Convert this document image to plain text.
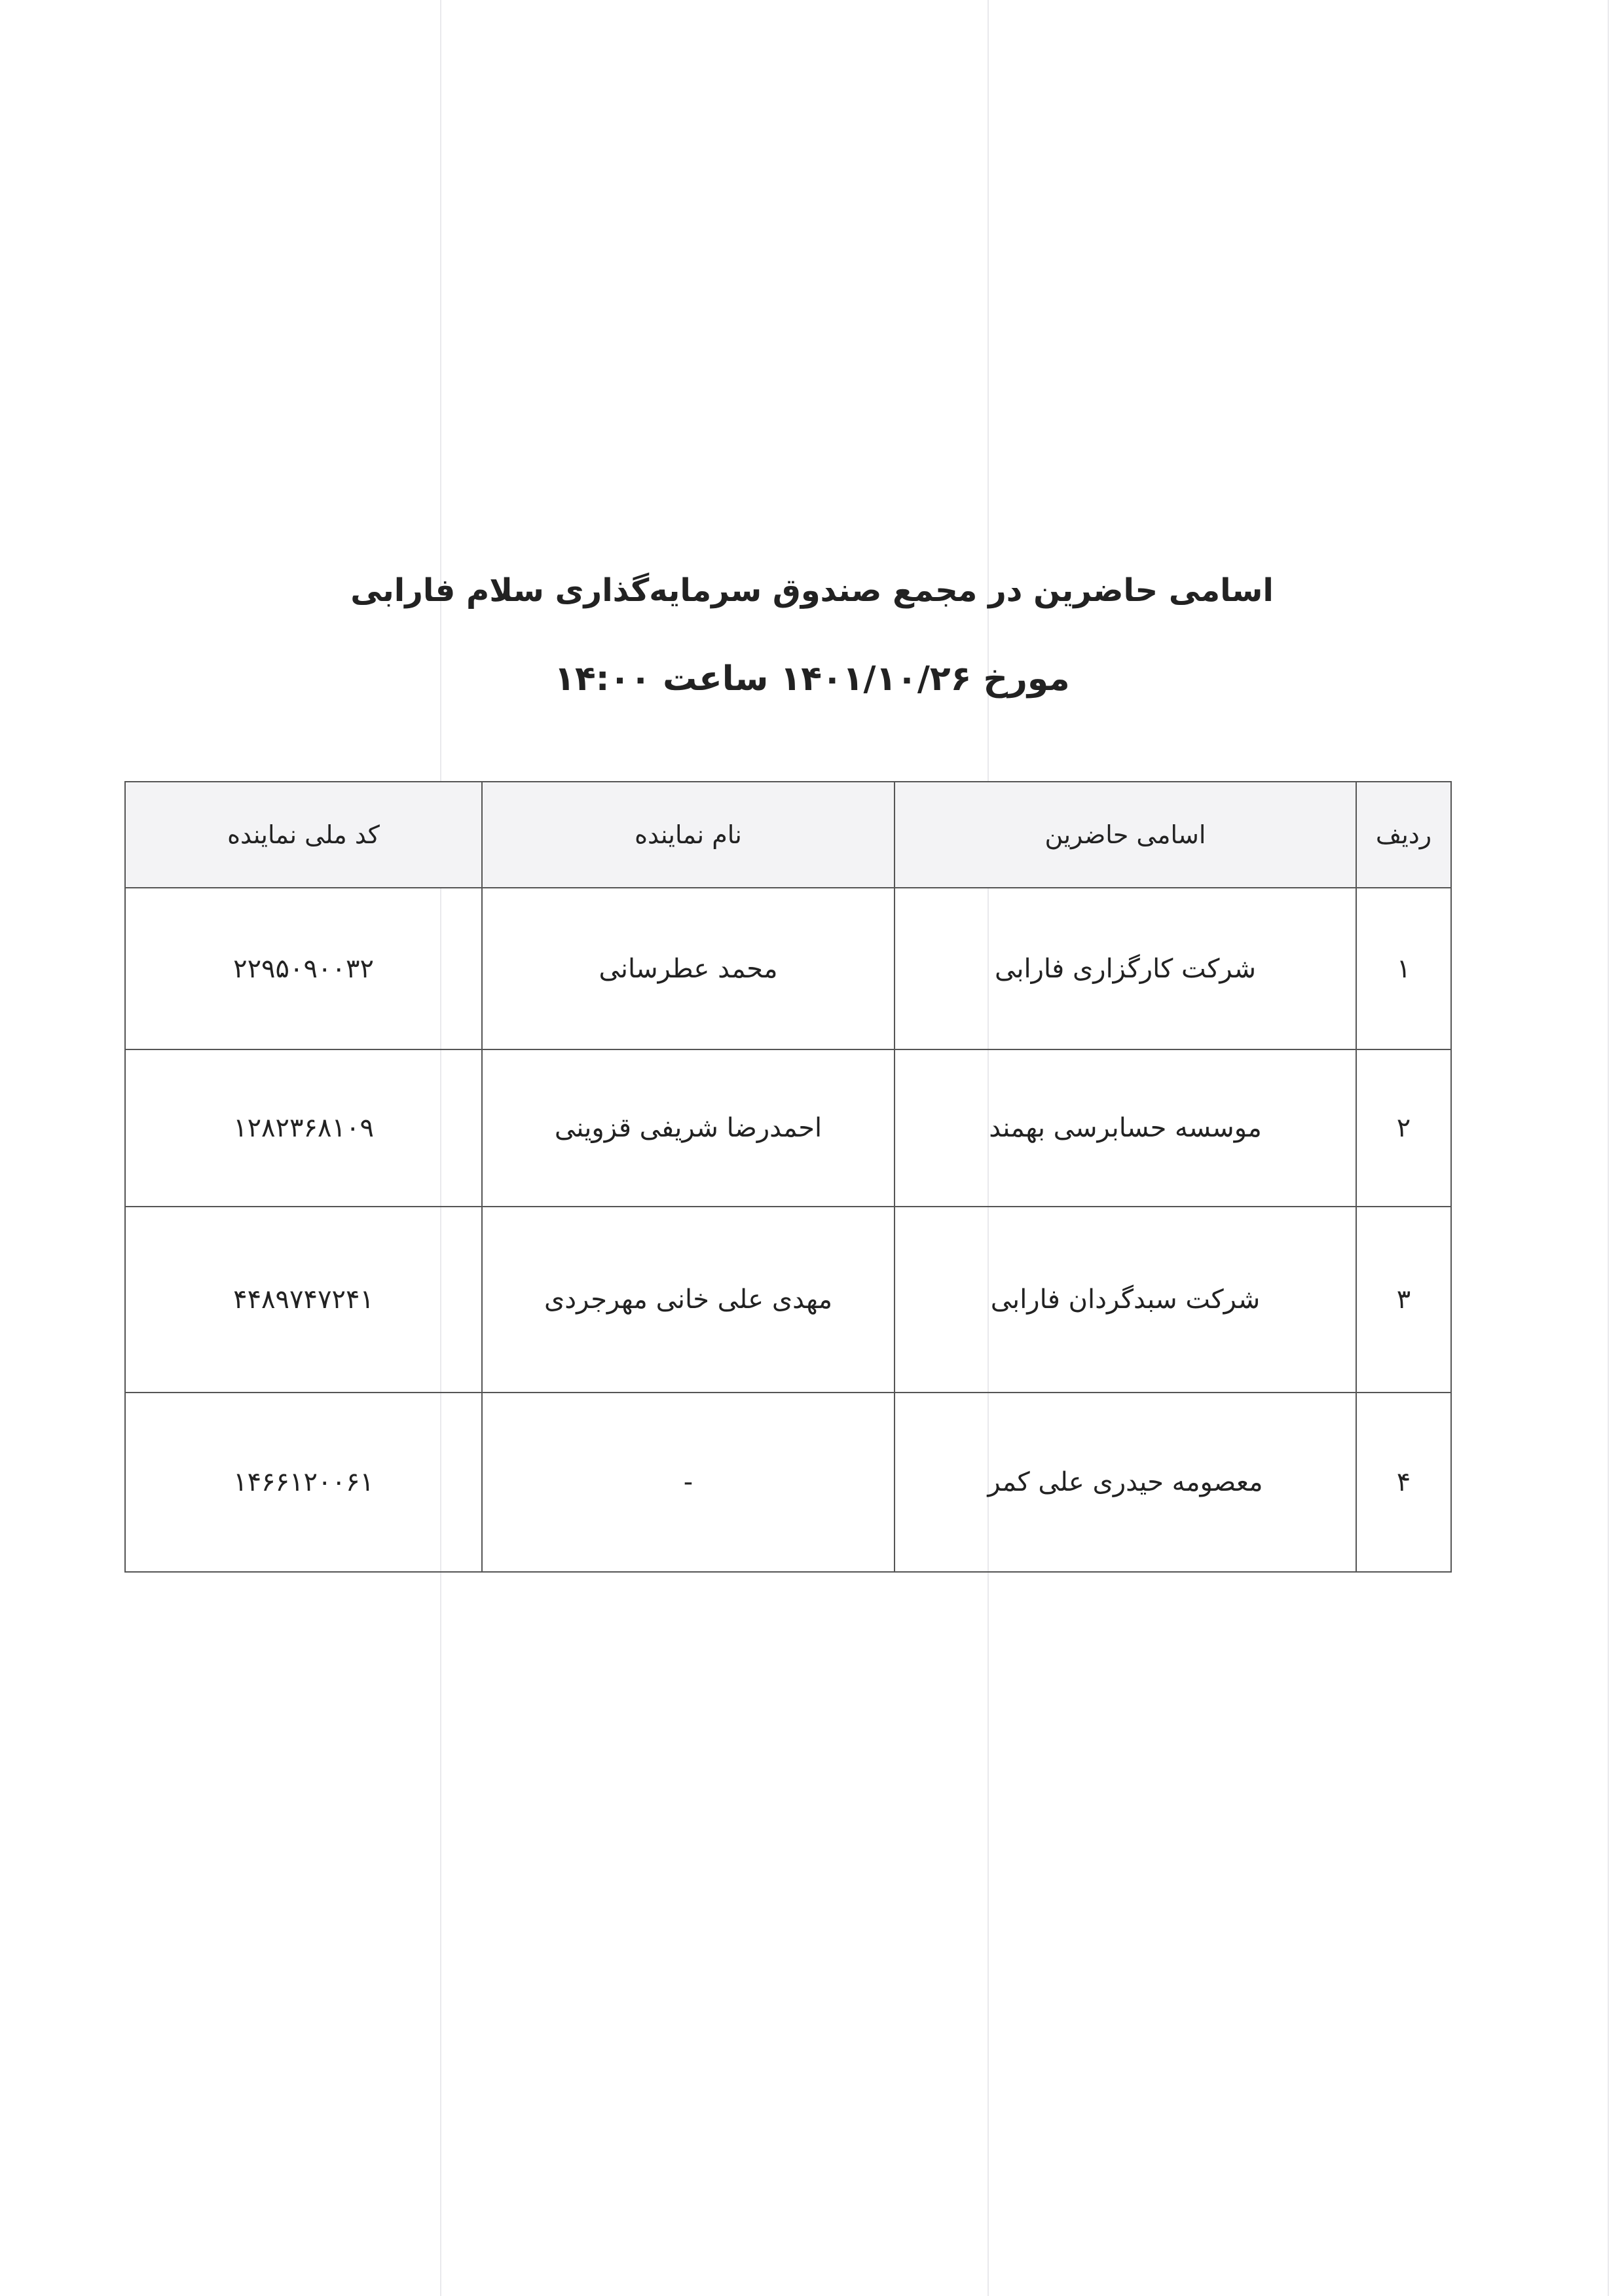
اسامی حاضرین در مجمع صندوق سرمایه‌گذاری سلام فارابی
مورخ ۱۴۰۱/۱۰/۲۶ ساعت ۱۴:۰۰
ردیف	اسامی حاضرین	نام نماینده	کد ملی نماینده
۱	شرکت کارگزاری فارابی	محمد عطرسانی	۲۲۹۵۰۹۰۰۳۲
۲	موسسه حسابرسی بهمند	احمدرضا شریفی قزوینی	۱۲۸۲۳۶۸۱۰۹
۳	شرکت سبدگردان فارابی	مهدی علی خانی مهرجردی	۴۴۸۹۷۴۷۲۴۱
۴	معصومه حیدری علی کمر	-	۱۴۶۶۱۲۰۰۶۱
